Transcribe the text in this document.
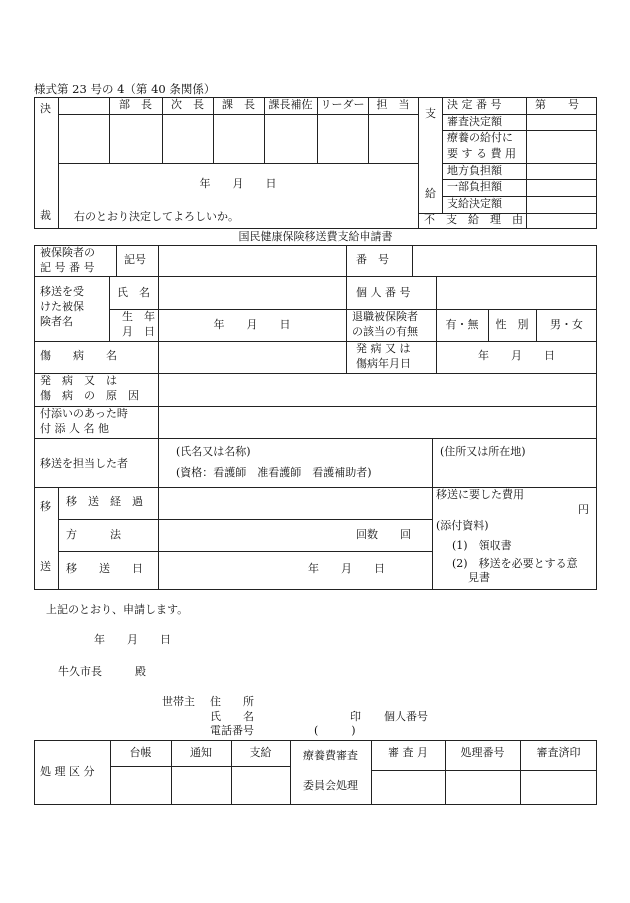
様式第 23 号の 4（第 40 条関係）
決
裁
部　長	次　長	課　長	課長補佐 リーダー	担　当
年　　月　　日
右のとおり決定してよろしいか。
支
給
決 定 番 号	第　　号
審査決定額
療養の給付に
要 す る 費 用
地方負担額
一部負担額
支給決定額
不　支　給　理　由
国民健康保険移送費支給申請書
被保険者の
記 号 番 号
記号	番　号
移送を受
けた被保
険者名
氏　名	個 人 番 号
生　年
月　日
年　　月　　日
退職被保険者
の該当の有無
有・無	性　別	男・女
傷　　病　　名
発 病 又 は
傷病年月日
年　　月　　日
発　病　又　は
傷　病　の　原　因
付添いのあった時
付 添 人 名 他
移送を担当した者
(氏名又は名称)
(資格：看護師　准看護師　看護補助者)
(住所又は所在地)
移
送
移　送　経　過
移送に要した費用
円
方　　　法	回数　　回
(添付資料)
(1)　領収書
(2)　移送を必要とする意
見書
移　　送　　日	年　　月　　日
上記のとおり、申請します。
年　　月　　日
牛久市長　　　殿
世帯主 住　　所
氏　　名	印 個人番号
電話番号	(　　　)
処 理 区 分
台帳	通知	支給	療養費審査
委員会処理
審 査 月	処理番号	審査済印
